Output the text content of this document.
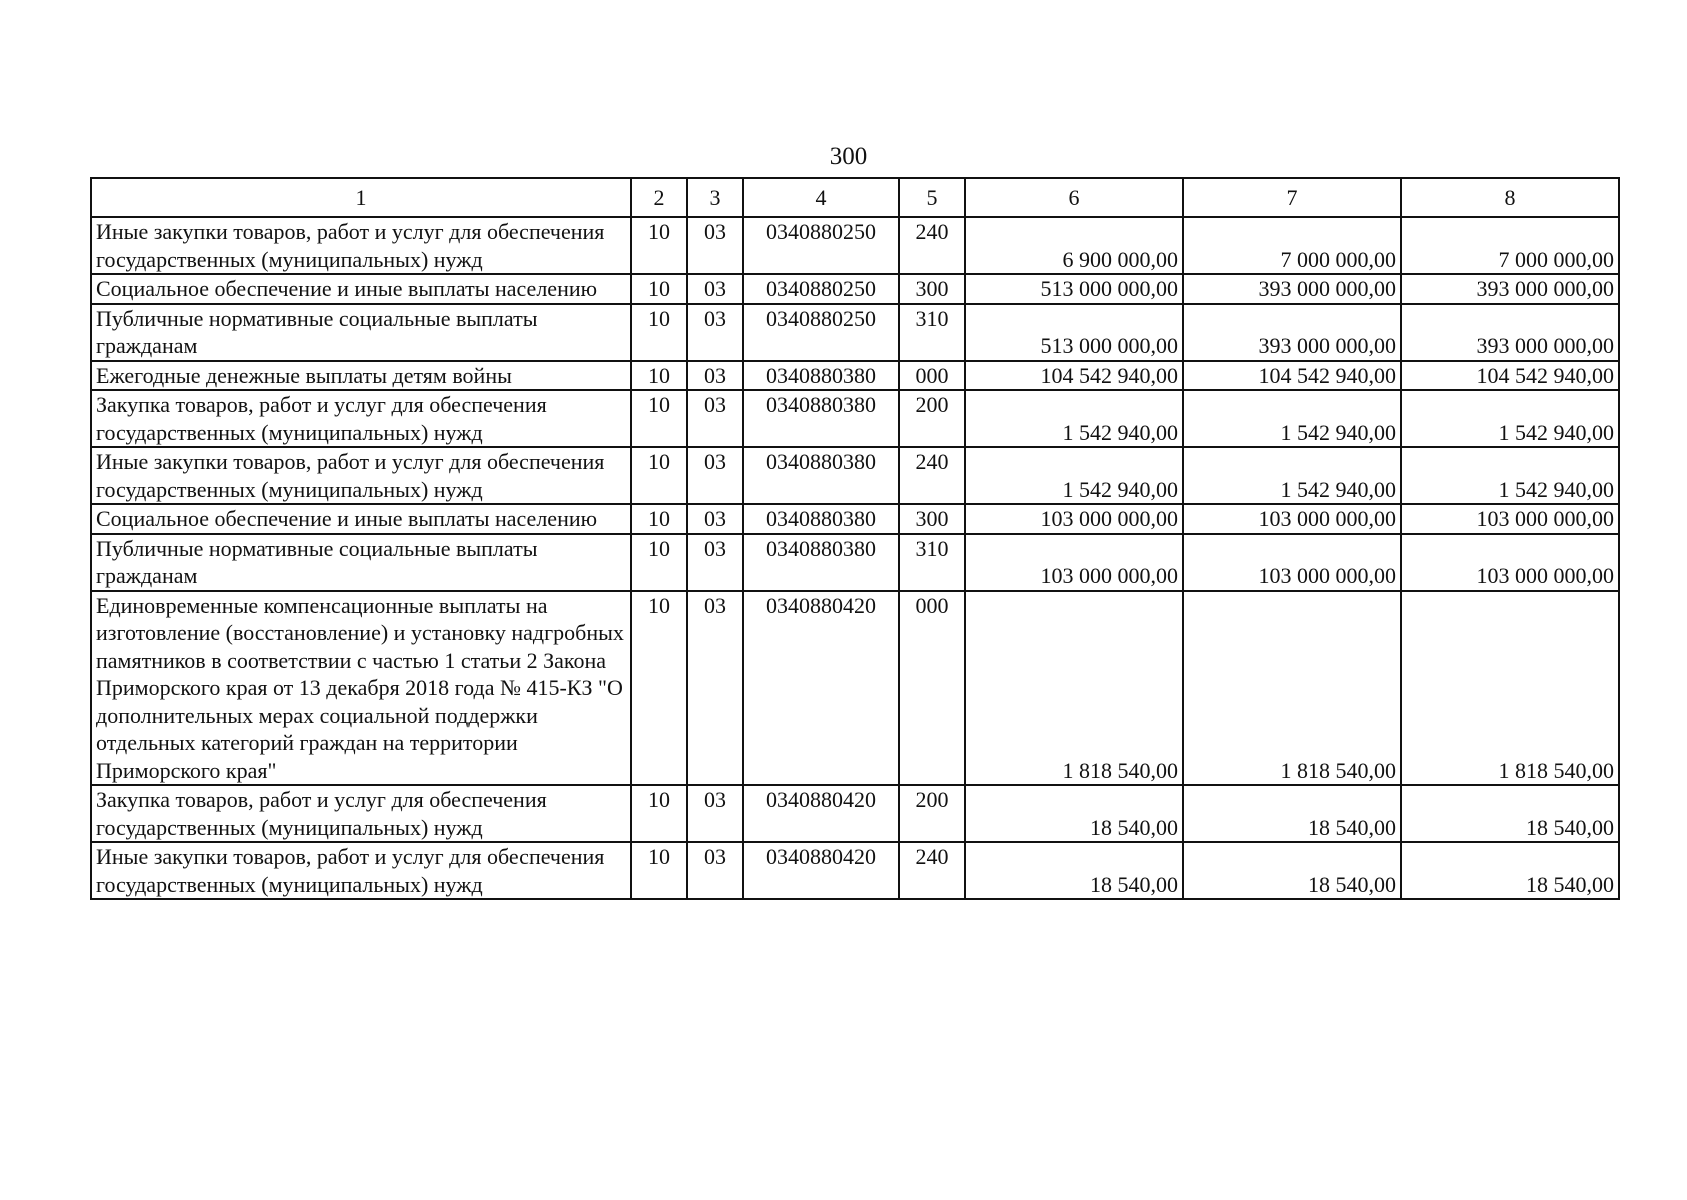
300
1	2	3	4	5	6	7	8
Иные закупки товаров, работ и услуг для обеспечения государственных (муниципальных) нужд	10	03	0340880250	240	6 900 000,00	7 000 000,00	7 000 000,00
Социальное обеспечение и иные выплаты населению	10	03	0340880250	300	513 000 000,00	393 000 000,00	393 000 000,00
Публичные нормативные социальные выплаты гражданам	10	03	0340880250	310	513 000 000,00	393 000 000,00	393 000 000,00
Ежегодные денежные выплаты детям войны	10	03	0340880380	000	104 542 940,00	104 542 940,00	104 542 940,00
Закупка товаров, работ и услуг для обеспечения государственных (муниципальных) нужд	10	03	0340880380	200	1 542 940,00	1 542 940,00	1 542 940,00
Иные закупки товаров, работ и услуг для обеспечения государственных (муниципальных) нужд	10	03	0340880380	240	1 542 940,00	1 542 940,00	1 542 940,00
Социальное обеспечение и иные выплаты населению	10	03	0340880380	300	103 000 000,00	103 000 000,00	103 000 000,00
Публичные нормативные социальные выплаты гражданам	10	03	0340880380	310	103 000 000,00	103 000 000,00	103 000 000,00
Единовременные компенсационные выплаты на изготовление (восстановление) и установку надгробных памятников в соответствии с частью 1 статьи 2 Закона Приморского края от 13 декабря 2018 года № 415-КЗ "О дополнительных мерах социальной поддержки отдельных категорий граждан на территории Приморского края"	10	03	0340880420	000	1 818 540,00	1 818 540,00	1 818 540,00
Закупка товаров, работ и услуг для обеспечения государственных (муниципальных) нужд	10	03	0340880420	200	18 540,00	18 540,00	18 540,00
Иные закупки товаров, работ и услуг для обеспечения государственных (муниципальных) нужд	10	03	0340880420	240	18 540,00	18 540,00	18 540,00
